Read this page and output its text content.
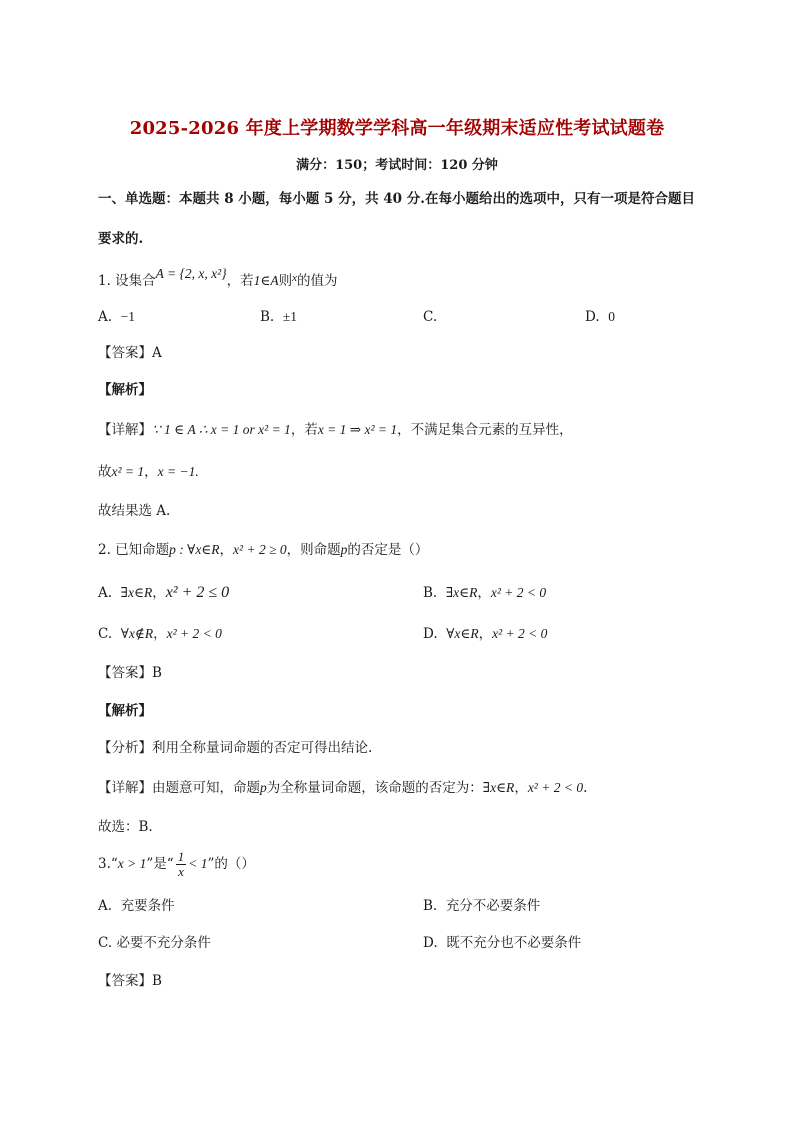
2025-2026 年度上学期数学学科高一年级期末适应性考试试题卷
满分：150；考试时间：120 分钟
一、单选题：本题共 8 小题，每小题 5 分，共 40 分.在每小题给出的选项中，只有一项是符合题目
要求的.
1. 设集合A = {2, x, x²}，若1∈A则$^x$的值为
A. −1	B. ±1	C.	D. 0
【答案】A
【解析】
【详解】∵ 1 ∈ A ∴ x = 1 or x² = 1，若x = 1 ⇒ x² = 1，不满足集合元素的互异性，
故x² = 1，x = −1.
故结果选 A.
2. 已知命题p : ∀x∈R，x² + 2 ≥ 0，则命题p的否定是（）
A. ∃x∈R，x² + 2 ≤ 0	B. ∃x∈R，x² + 2 < 0
C. ∀x∉R，x² + 2 < 0	D. ∀x∈R，x² + 2 < 0
【答案】B
【解析】
【分析】利用全称量词命题的否定可得出结论.
【详解】由题意可知，命题p为全称量词命题，该命题的否定为：∃x∈R，x² + 2 < 0.
故选：B.
3.“x > 1”是“ $\frac{1}{x} < 1$”的（）
A. 充要条件	B. 充分不必要条件
C. 必要不充分条件	D. 既不充分也不必要条件
【答案】B
